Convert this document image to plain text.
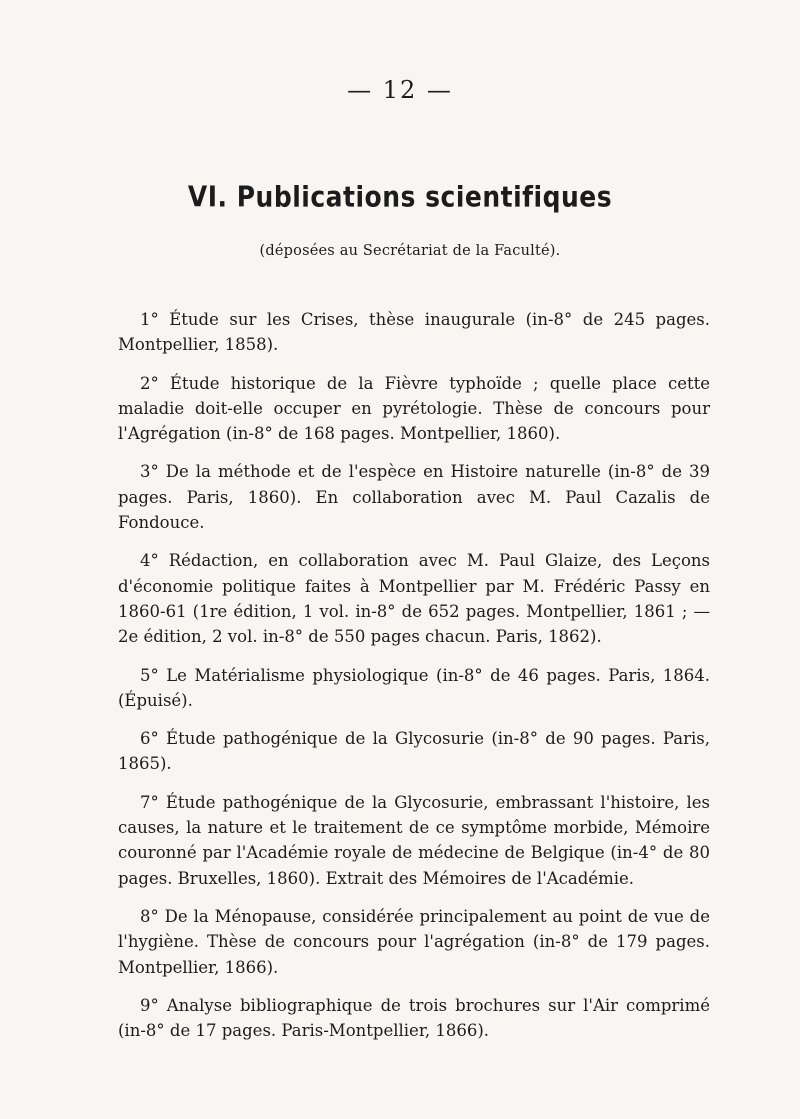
— 12 —
VI. Publications scientifiques
(déposées au Secrétariat de la Faculté).

1° Étude sur les Crises, thèse inaugurale (in-8° de 245 pages. Montpellier, 1858).

2° Étude historique de la Fièvre typhoïde ; quelle place cette maladie doit-elle occuper en pyrétologie. Thèse de concours pour l'Agrégation (in-8° de 168 pages. Montpellier, 1860).

3° De la méthode et de l'espèce en Histoire naturelle (in-8° de 39 pages. Paris, 1860). En collaboration avec M. Paul Cazalis de Fondouce.

4° Rédaction, en collaboration avec M. Paul Glaize, des Leçons d'économie politique faites à Montpellier par M. Frédéric Passy en 1860-61 (1re édition, 1 vol. in-8° de 652 pages. Montpellier, 1861 ; — 2e édition, 2 vol. in-8° de 550 pages chacun. Paris, 1862).

5° Le Matérialisme physiologique (in-8° de 46 pages. Paris, 1864. (Épuisé).

6° Étude pathogénique de la Glycosurie (in-8° de 90 pages. Paris, 1865).

7° Étude pathogénique de la Glycosurie, embrassant l'histoire, les causes, la nature et le traitement de ce symptôme morbide, Mémoire couronné par l'Académie royale de médecine de Belgique (in-4° de 80 pages. Bruxelles, 1860). Extrait des Mémoires de l'Académie.

8° De la Ménopause, considérée principalement au point de vue de l'hygiène. Thèse de concours pour l'agrégation (in-8° de 179 pages. Montpellier, 1866).

9° Analyse bibliographique de trois brochures sur l'Air comprimé (in-8° de 17 pages. Paris-Montpellier, 1866).
